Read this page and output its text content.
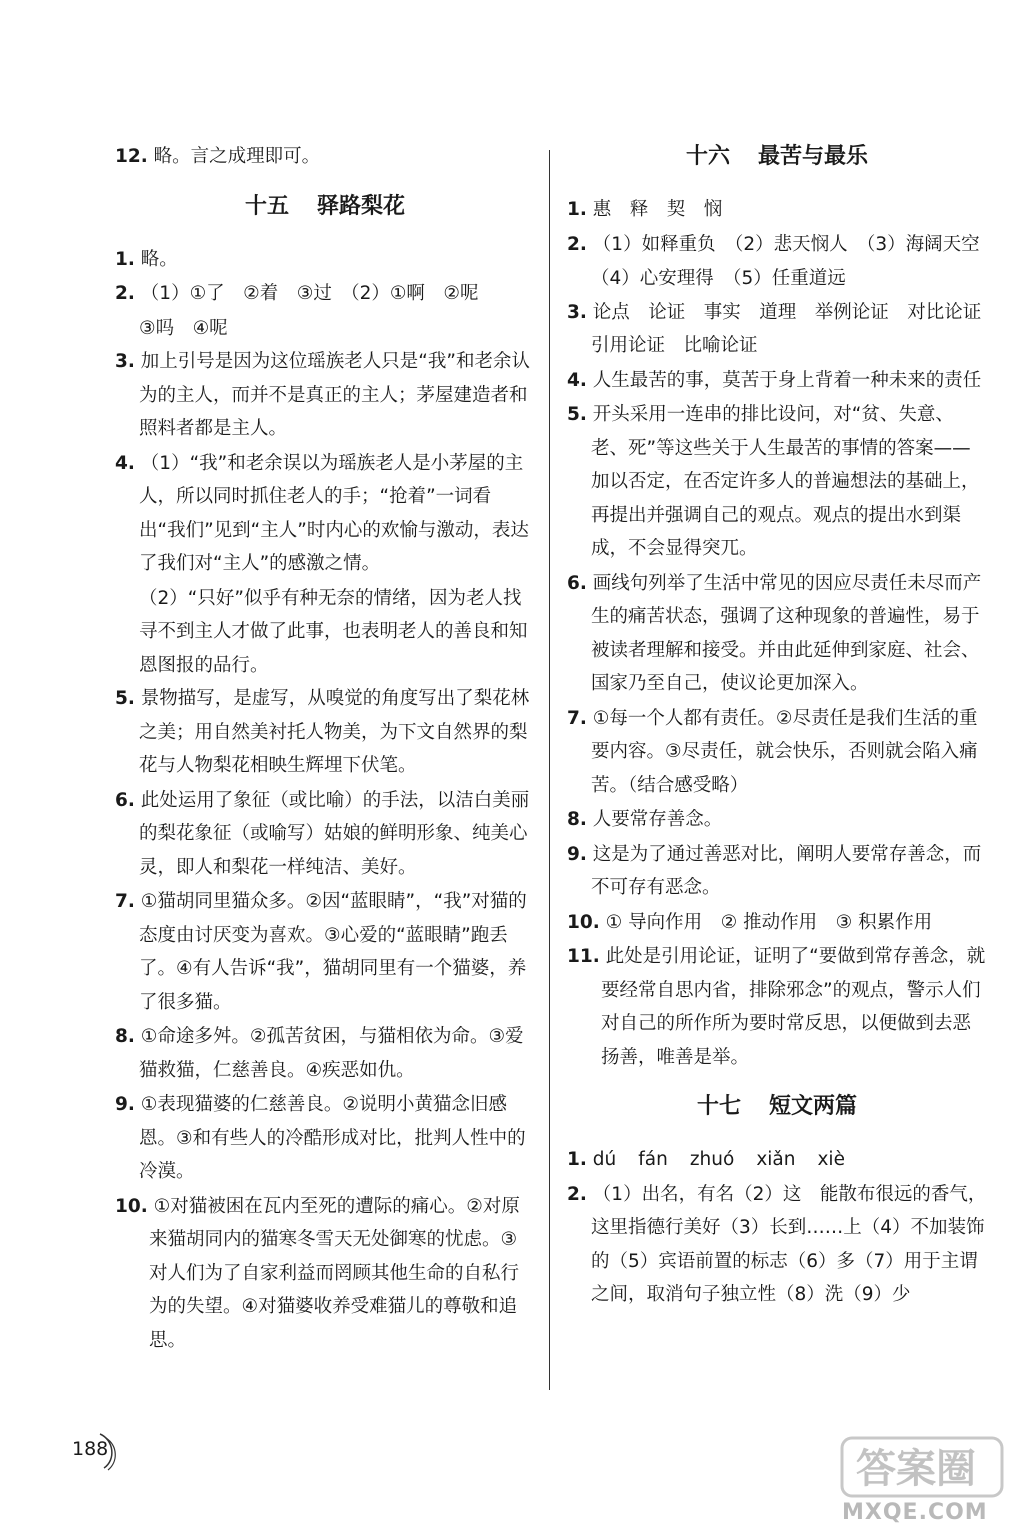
12. 略。言之成理即可。

十五 驿路梨花

1. 略。

2. （1）①了　②着　③过　（2）①啊　②呢

③吗　④呢

3. 加上引号是因为这位瑶族老人只是“我”和老余认为的主人，而并不是真正的主人；茅屋建造者和照料者都是主人。

4. （1）“我”和老余误以为瑶族老人是小茅屋的主人，所以同时抓住老人的手；“抢着”一词看出“我们”见到“主人”时内心的欢愉与激动，表达了我们对“主人”的感激之情。

（2）“只好”似乎有种无奈的情绪，因为老人找寻不到主人才做了此事，也表明老人的善良和知恩图报的品行。

5. 景物描写，是虚写，从嗅觉的角度写出了梨花林之美；用自然美衬托人物美，为下文自然界的梨花与人物梨花相映生辉埋下伏笔。

6. 此处运用了象征（或比喻）的手法，以洁白美丽的梨花象征（或喻写）姑娘的鲜明形象、纯美心灵，即人和梨花一样纯洁、美好。

7. ①猫胡同里猫众多。②因“蓝眼睛”，“我”对猫的态度由讨厌变为喜欢。③心爱的“蓝眼睛”跑丢了。④有人告诉“我”，猫胡同里有一个猫婆，养了很多猫。

8. ①命途多舛。②孤苦贫困，与猫相依为命。③爱猫救猫，仁慈善良。④疾恶如仇。

9. ①表现猫婆的仁慈善良。②说明小黄猫念旧感恩。③和有些人的冷酷形成对比，批判人性中的冷漠。

10. ①对猫被困在瓦内至死的遭际的痛心。②对原来猫胡同内的猫寒冬雪天无处御寒的忧虑。③对人们为了自家利益而罔顾其他生命的自私行为的失望。④对猫婆收养受难猫儿的尊敬和追思。

十六 最苦与最乐

1. 惠　释　契　悯

2. （1）如释重负　（2）悲天悯人　（3）海阔天空

（4）心安理得　（5）任重道远

3. 论点　论证　事实　道理　举例论证　对比论证　引用论证　比喻论证

4. 人生最苦的事，莫苦于身上背着一种未来的责任

5. 开头采用一连串的排比设问，对“贫、失意、老、死”等这些关于人生最苦的事情的答案——加以否定，在否定许多人的普遍想法的基础上，再提出并强调自己的观点。观点的提出水到渠成，不会显得突兀。

6. 画线句列举了生活中常见的因应尽责任未尽而产生的痛苦状态，强调了这种现象的普遍性，易于被读者理解和接受。并由此延伸到家庭、社会、国家乃至自己，使议论更加深入。

7. ①每一个人都有责任。②尽责任是我们生活的重要内容。③尽责任，就会快乐，否则就会陷入痛苦。（结合感受略）

8. 人要常存善念。

9. 这是为了通过善恶对比，阐明人要常存善念，而不可存有恶念。

10. ① 导向作用　② 推动作用　③ 积累作用

11. 此处是引用论证，证明了“要做到常存善念，就要经常自思内省，排除邪念”的观点，警示人们对自己的所作所为要时常反思，以便做到去恶扬善，唯善是举。

十七 短文两篇

1. dú fán zhuó xiǎn xiè

2. （1）出名，有名（2）这　能散布很远的香气，这里指德行美好（3）长到……上（4）不加装饰的（5）宾语前置的标志（6）多（7）用于主谓之间，取消句子独立性（8）洗（9）少

188	答案圈
MXQE.COM
